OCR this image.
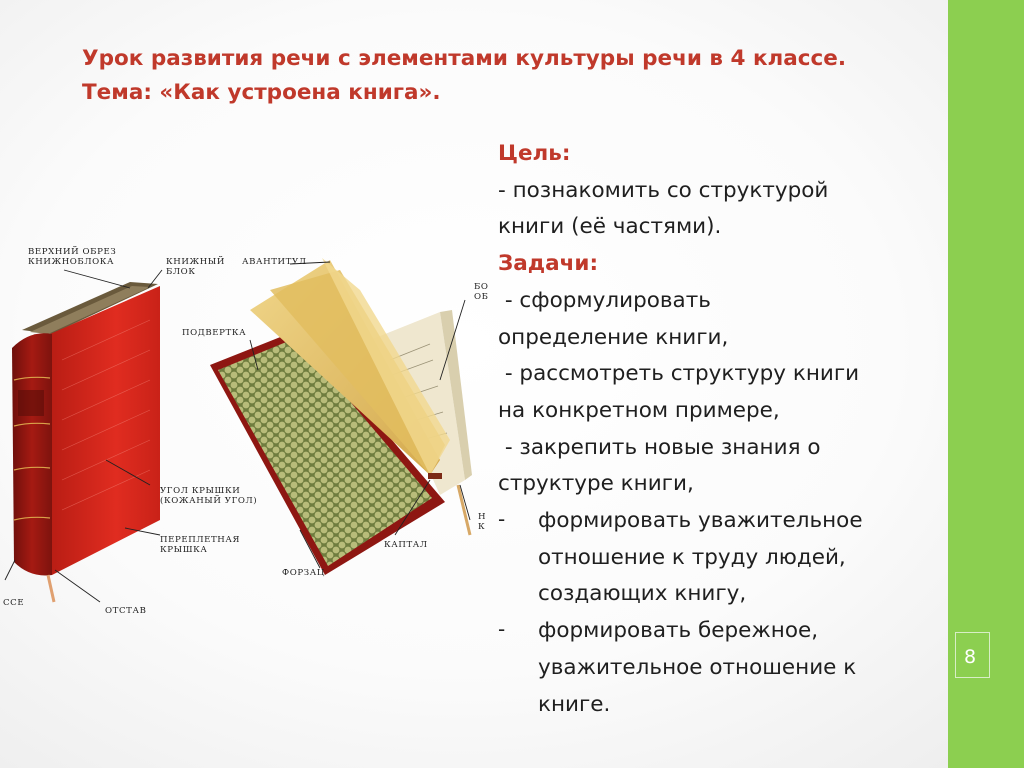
8
Урок развития речи с элементами культуры речи в 4 классе.
Тема: «Как устроена книга».
Цель:
- познакомить со структурой
книги (её частями).
Задачи:
- сформулировать
определение книги,
- рассмотреть структуру книги
на конкретном примере,
- закрепить новые знания о
структуре книги,
- формировать уважительное
отношение к труду людей,
создающих книгу,
- формировать бережное,
уважительное отношение к
книге.
ВЕРХНИЙ ОБРЕЗ
КНИЖНОБЛОКА	КНИЖНЫЙ
БЛОК
АВАНТИТУЛ
ПОДВЕРТКА
УГОЛ КРЫШКИ
(КОЖАНЫЙ УГОЛ)
ПЕРЕПЛЕТНАЯ
КРЫШКА	КАПТАЛ
ФОРЗАЦ
ОТСТАВ
ССЕ
БО
ОБ
Н
К
